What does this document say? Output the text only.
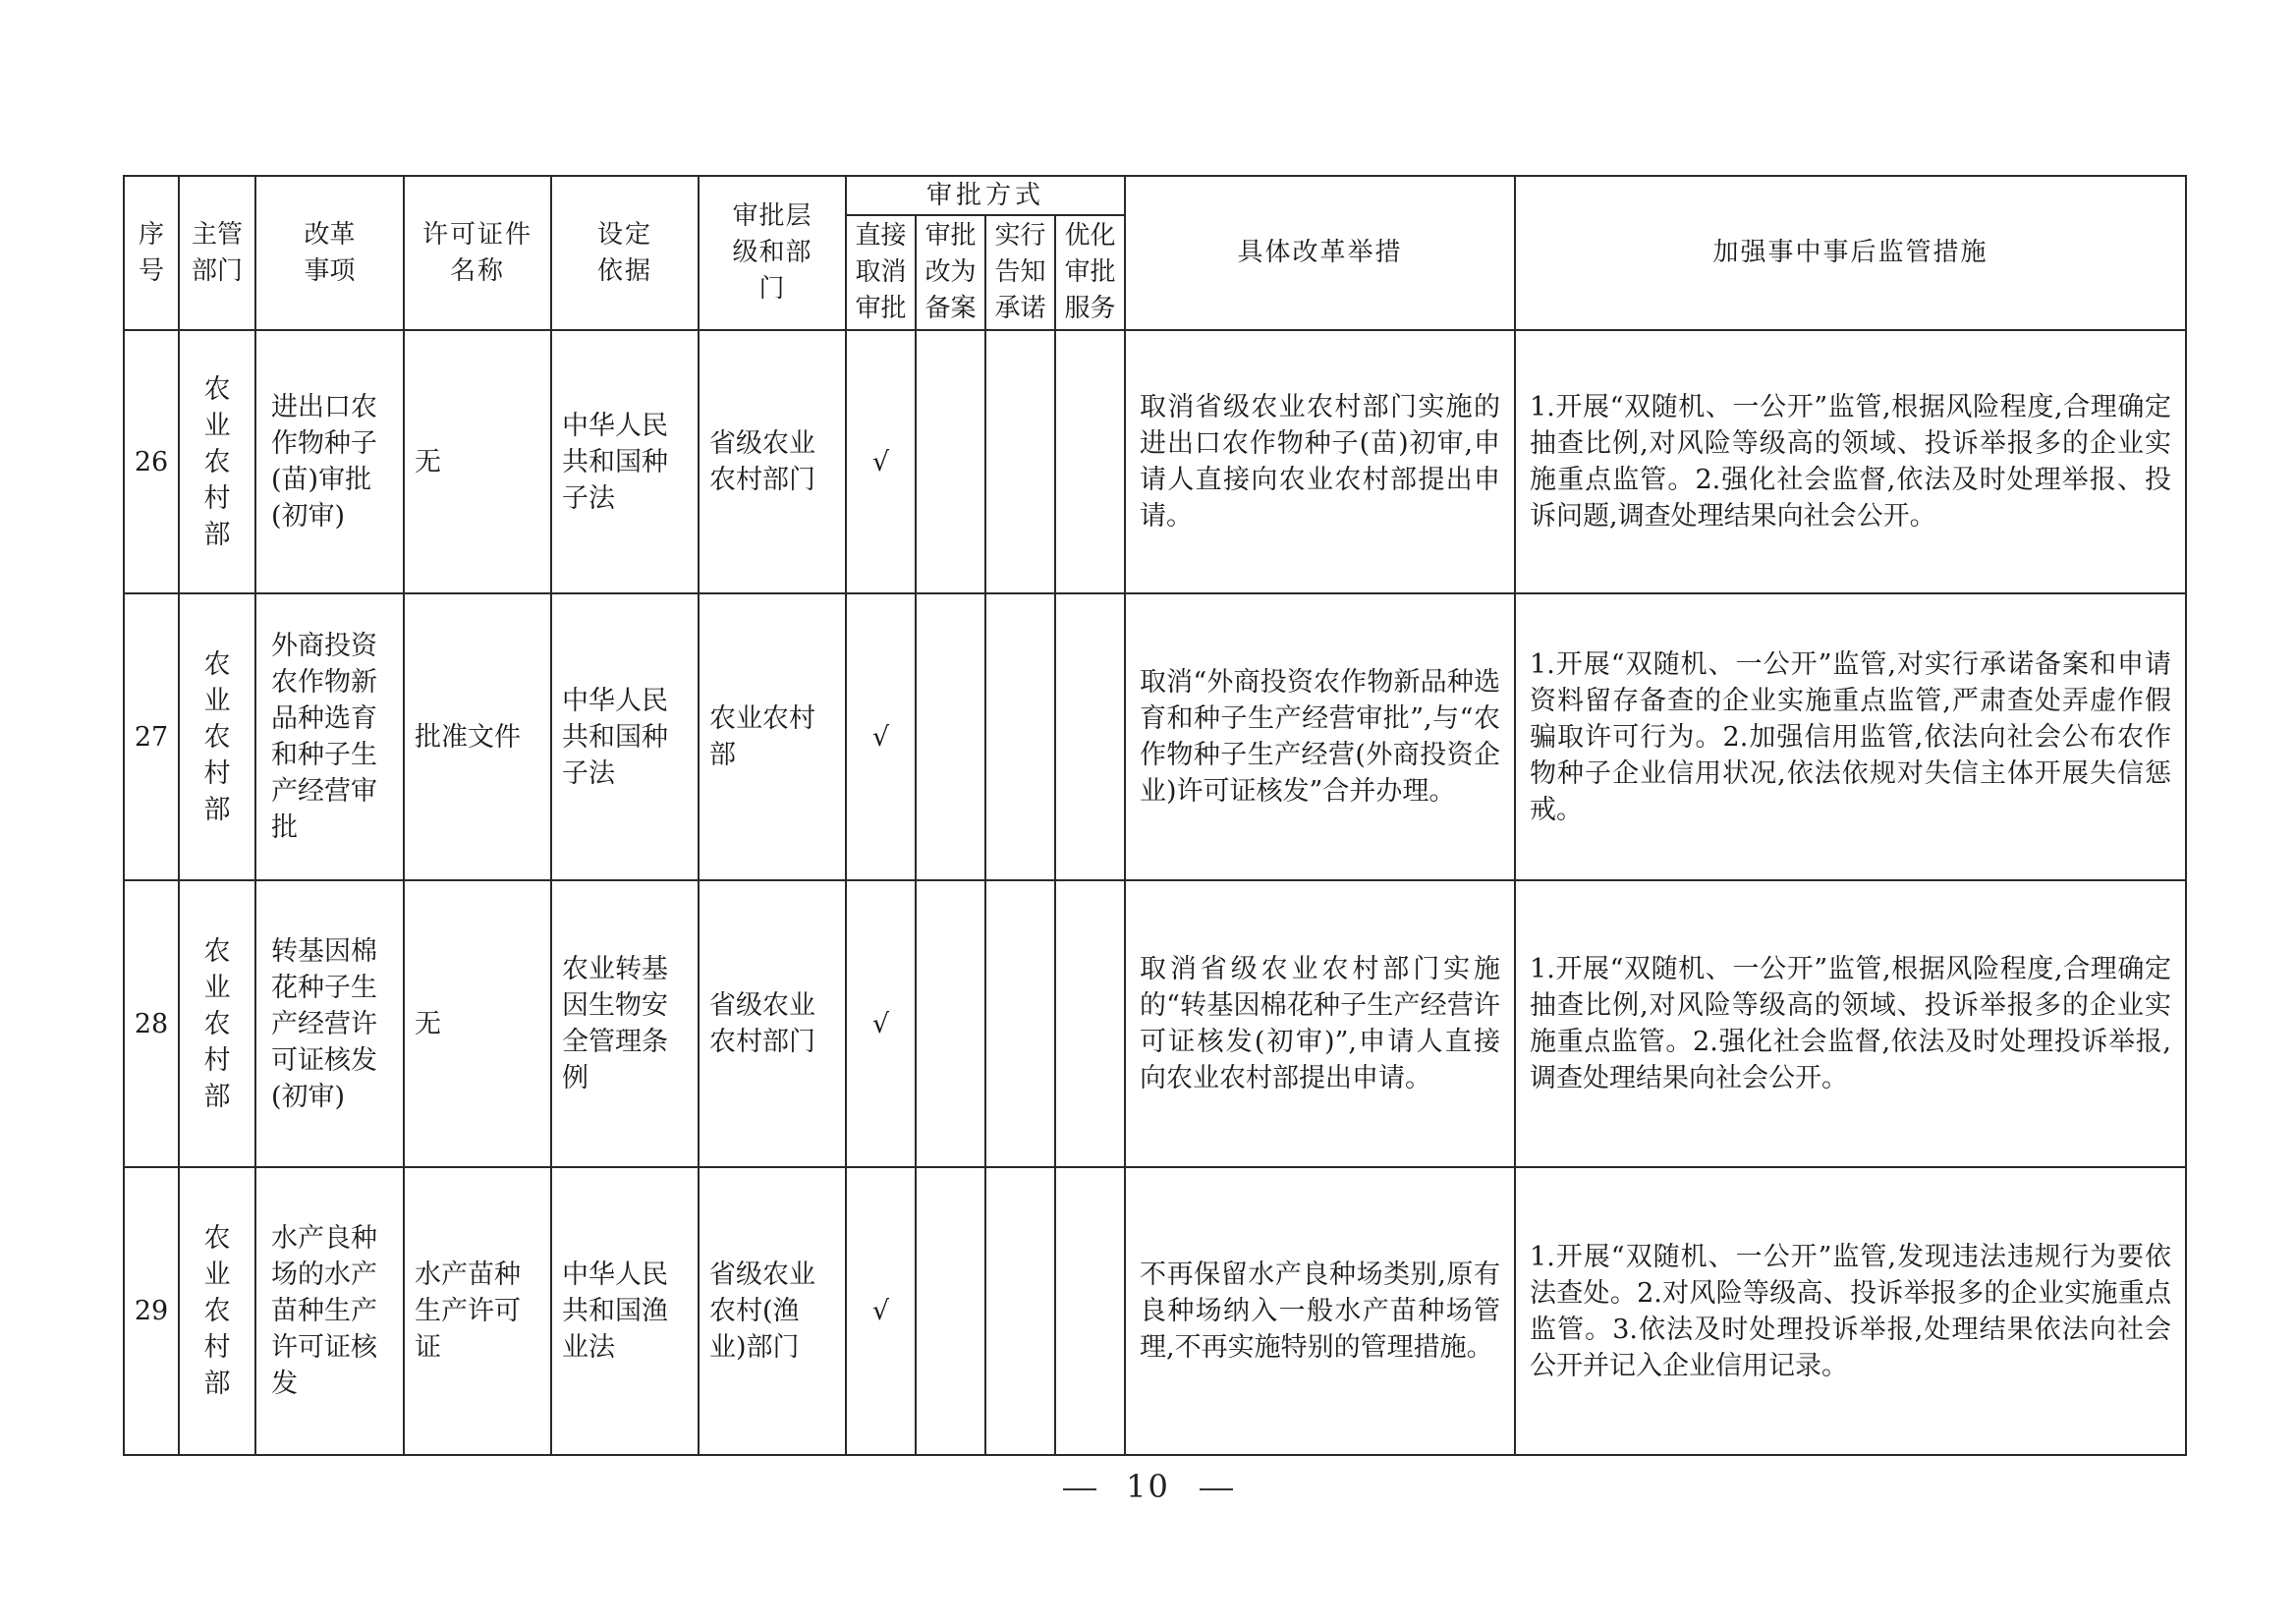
序号	主管部门	改革事项	许可证件名称	设定依据	审批层级和部门	审批方式				具体改革举措	加强事中事后监管措施

						直接取消审批	审批改为备案	实行告知承诺	优化审批服务		

26	农业农村部	进出口农作物种子(苗)审批(初审)	无	中华人民共和国种子法	省级农业农村部门	√				取消省级农业农村部门实施的进出口农作物种子(苗)初审,申请人直接向农业农村部提出申请。	1.开展“双随机、一公开”监管,根据风险程度,合理确定抽查比例,对风险等级高的领域、投诉举报多的企业实施重点监管。2.强化社会监督,依法及时处理举报、投诉问题,调查处理结果向社会公开。
27	农业农村部	外商投资农作物新品种选育和种子生产经营审批	批准文件	中华人民共和国种子法	农业农村部	√				取消“外商投资农作物新品种选育和种子生产经营审批”,与“农作物种子生产经营(外商投资企业)许可证核发”合并办理。	1.开展“双随机、一公开”监管,对实行承诺备案和申请资料留存备查的企业实施重点监管,严肃查处弄虚作假骗取许可行为。2.加强信用监管,依法向社会公布农作物种子企业信用状况,依法依规对失信主体开展失信惩戒。
28	农业农村部	转基因棉花种子生产经营许可证核发(初审)	无	农业转基因生物安全管理条例	省级农业农村部门	√				取消省级农业农村部门实施的“转基因棉花种子生产经营许可证核发(初审)”,申请人直接向农业农村部提出申请。	1.开展“双随机、一公开”监管,根据风险程度,合理确定抽查比例,对风险等级高的领域、投诉举报多的企业实施重点监管。2.强化社会监督,依法及时处理投诉举报,调查处理结果向社会公开。
29	农业农村部	水产良种场的水产苗种生产许可证核发	水产苗种生产许可证	中华人民共和国渔业法	省级农业农村(渔业)部门	√				不再保留水产良种场类别,原有良种场纳入一般水产苗种场管理,不再实施特别的管理措施。	1.开展“双随机、一公开”监管,发现违法违规行为要依法查处。2.对风险等级高、投诉举报多的企业实施重点监管。3.依法及时处理投诉举报,处理结果依法向社会公开并记入企业信用记录。
10
